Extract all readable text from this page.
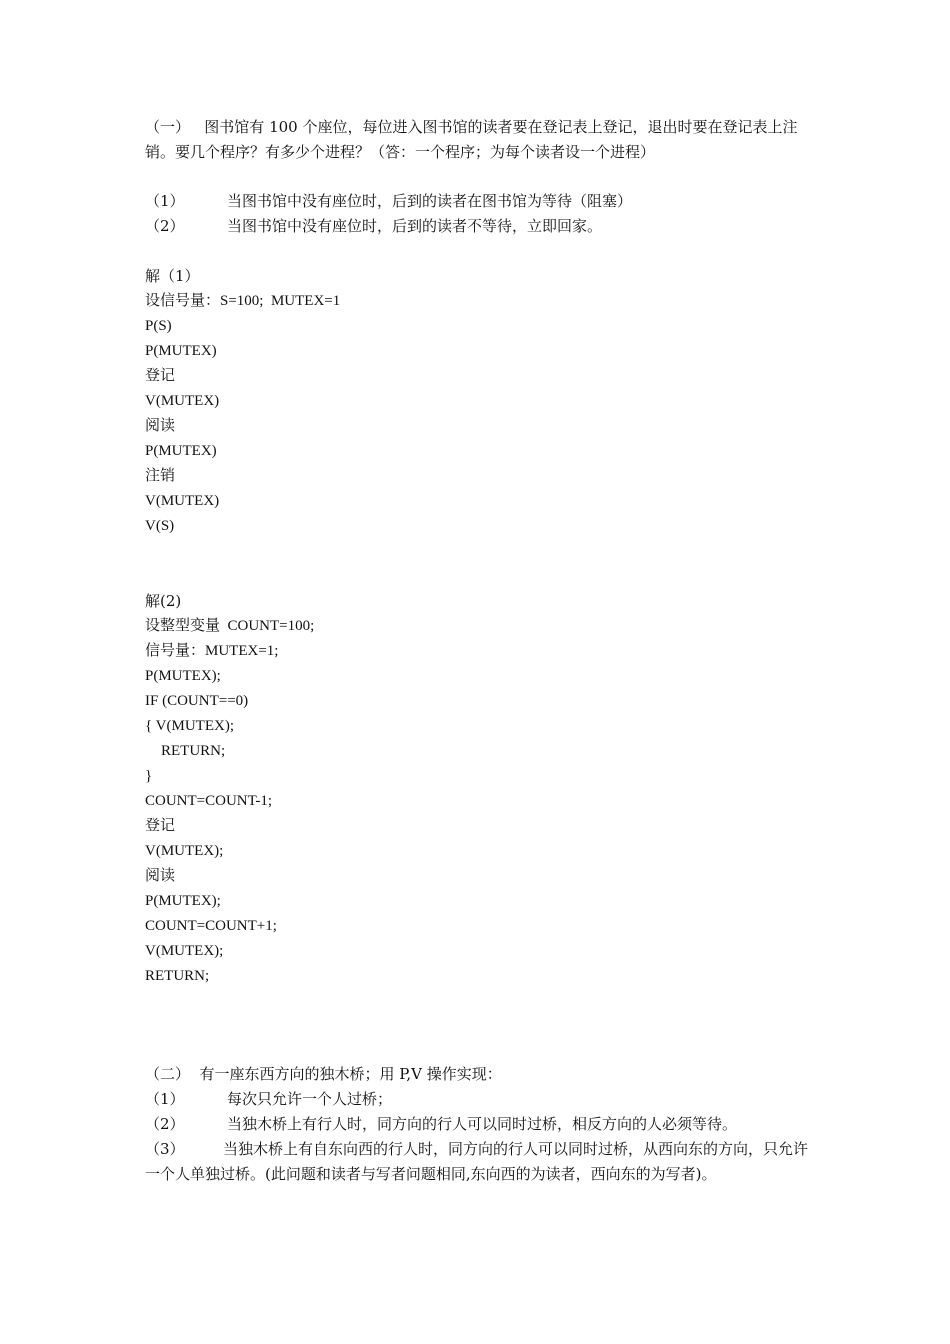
（一）   图书馆有 100 个座位，每位进入图书馆的读者要在登记表上登记，退出时要在登记表上注销。要几个程序？有多少个进程？（答：一个程序；为每个读者设一个进程）

（1）	当图书馆中没有座位时，后到的读者在图书馆为等待（阻塞）
（2）	当图书馆中没有座位时，后到的读者不等待，立即回家。
解（1）
设信号量：S=100;  MUTEX=1
P(S)
P(MUTEX)
登记
V(MUTEX)
阅读
P(MUTEX)
注销
V(MUTEX)
V(S)
解(2)
设整型变量  COUNT=100;
信号量：MUTEX=1;
P(MUTEX);
IF (COUNT==0)
{ V(MUTEX);
RETURN;
}
COUNT=COUNT-1;
登记
V(MUTEX);
阅读
P(MUTEX);
COUNT=COUNT+1;
V(MUTEX);
RETURN;
（二）  有一座东西方向的独木桥；用 P,V 操作实现：
（1）	每次只允许一个人过桥；
（2）	当独木桥上有行人时，同方向的行人可以同时过桥，相反方向的人必须等待。

（3）	当独木桥上有自东向西的行人时，同方向的行人可以同时过桥，从西向东的方向，只允许一个人单独过桥。(此问题和读者与写者问题相同,东向西的为读者，西向东的为写者)。
